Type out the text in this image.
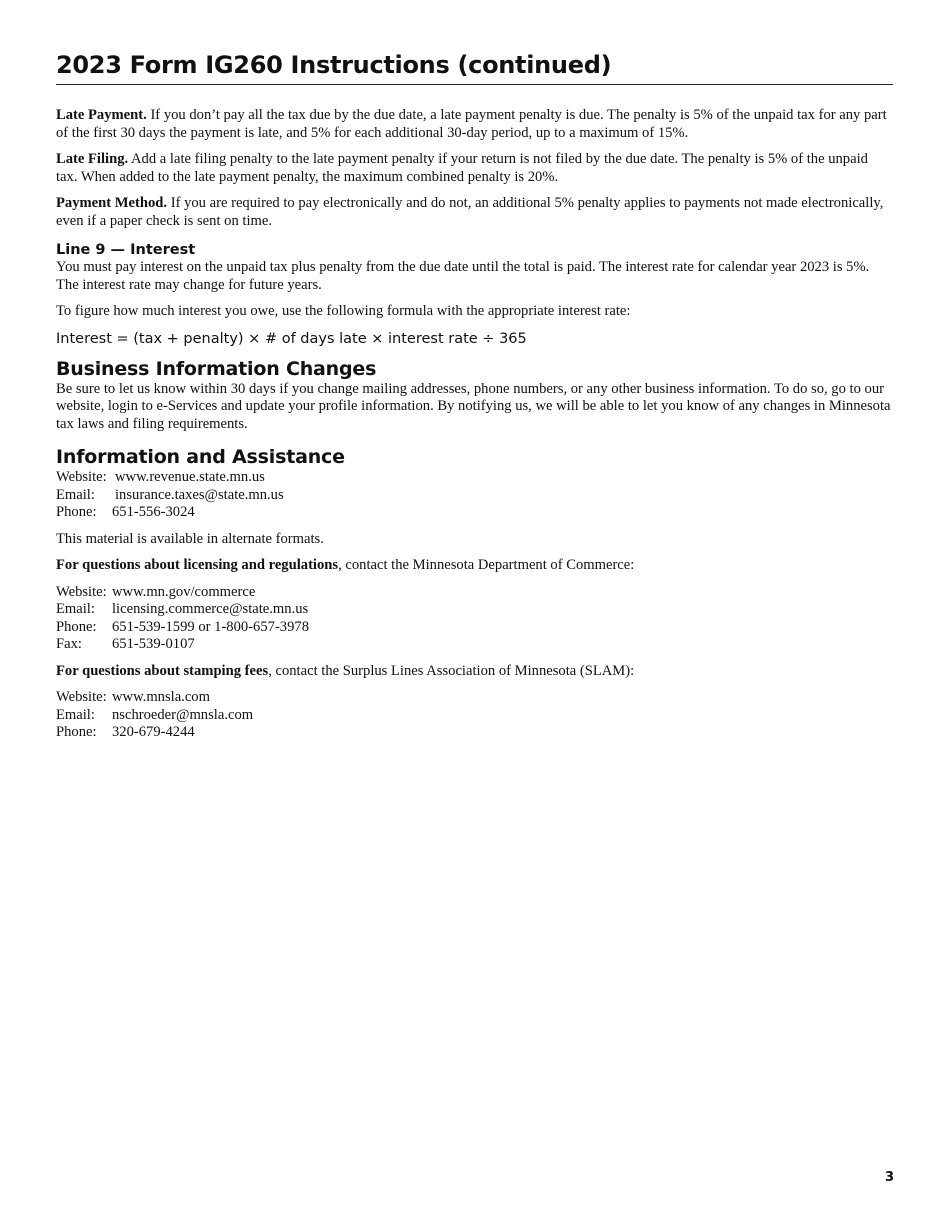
2023 Form IG260 Instructions (continued)

Late Payment. If you don’t pay all the tax due by the due date, a late payment penalty is due. The penalty is 5% of the unpaid tax for any part of the first 30 days the payment is late, and 5% for each additional 30-day period, up to a maximum of 15%.

Late Filing. Add a late filing penalty to the late payment penalty if your return is not filed by the due date. The penalty is 5% of the unpaid tax. When added to the late payment penalty, the maximum combined penalty is 20%.

Payment Method. If you are required to pay electronically and do not, an additional 5% penalty applies to payments not made electronically, even if a paper check is sent on time.

Line 9 — Interest

You must pay interest on the unpaid tax plus penalty from the due date until the total is paid. The interest rate for calendar year 2023 is 5%. The interest rate may change for future years.

To figure how much interest you owe, use the following formula with the appropriate interest rate:

Interest = (tax + penalty) × # of days late × interest rate ÷ 365
Business Information Changes

Be sure to let us know within 30 days if you change mailing addresses, phone numbers, or any other business information. To do so, go to our website, login to e-Services and update your profile information. By notifying us, we will be able to let you know of any changes in Minnesota tax laws and filing requirements.

Information and Assistance
Website: www.revenue.state.mn.us
Email:	insurance.taxes@state.mn.us
Phone:	651-556-3024

This material is available in alternate formats.

For questions about licensing and regulations, contact the Minnesota Department of Commerce:

Website: www.mn.gov/commerce
Email:	licensing.commerce@state.mn.us
Phone:	651-539-1599 or 1-800-657-3978
Fax:	651-539-0107

For questions about stamping fees, contact the Surplus Lines Association of Minnesota (SLAM):

Website: www.mnsla.com
Email:	nschroeder@mnsla.com
Phone:	320-679-4244
3
